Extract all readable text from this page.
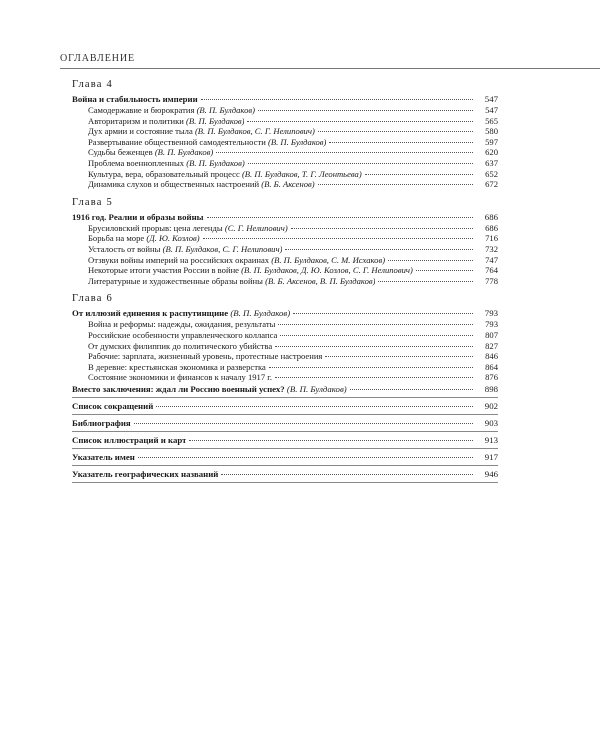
ОГЛАВЛЕНИЕ
Глава 4
Война и стабильность империи	547
Самодержавие и бюрократия (В. П. Булдаков)	547
Авторитаризм и политики (В. П. Булдаков)	565
Дух армии и состояние тыла (В. П. Булдаков, С. Г. Нелипович)	580
Развертывание общественной самодеятельности (В. П. Булдаков)	597
Судьбы беженцев (В. П. Булдаков)	620
Проблема военнопленных (В. П. Булдаков)	637
Культура, вера, образовательный процесс (В. П. Булдаков, Т. Г. Леонтьева)	652
Динамика слухов и общественных настроений (В. Б. Аксенов)	672
Глава 5
1916 год. Реалии и образы войны	686
Брусиловский прорыв: цена легенды (С. Г. Нелипович)	686
Борьба на море (Д. Ю. Козлов)	716
Усталость от войны (В. П. Булдаков, С. Г. Нелипович)	732
Отзвуки войны империй на российских окраинах (В. П. Булдаков, С. М. Исхаков)	747
Некоторые итоги участия России в войне (В. П. Булдаков, Д. Ю. Козлов, С. Г. Нелипович)	764
Литературные и художественные образы войны (В. Б. Аксенов, В. П. Булдаков)	778
Глава 6
От иллюзий единения к распутинщине (В. П. Булдаков)	793
Война и реформы: надежды, ожидания, результаты	793
Российские особенности управленческого коллапса	807
От думских филиппик до политического убийства	827
Рабочие: зарплата, жизненный уровень, протестные настроения	846
В деревне: крестьянская экономика и разверстка	864
Состояние экономики и финансов к началу 1917 г.	876
Вместо заключения: ждал ли Россию военный успех? (В. П. Булдаков)	898
Список сокращений	902
Библиография	903
Список иллюстраций и карт	913
Указатель имен	917
Указатель географических названий	946
